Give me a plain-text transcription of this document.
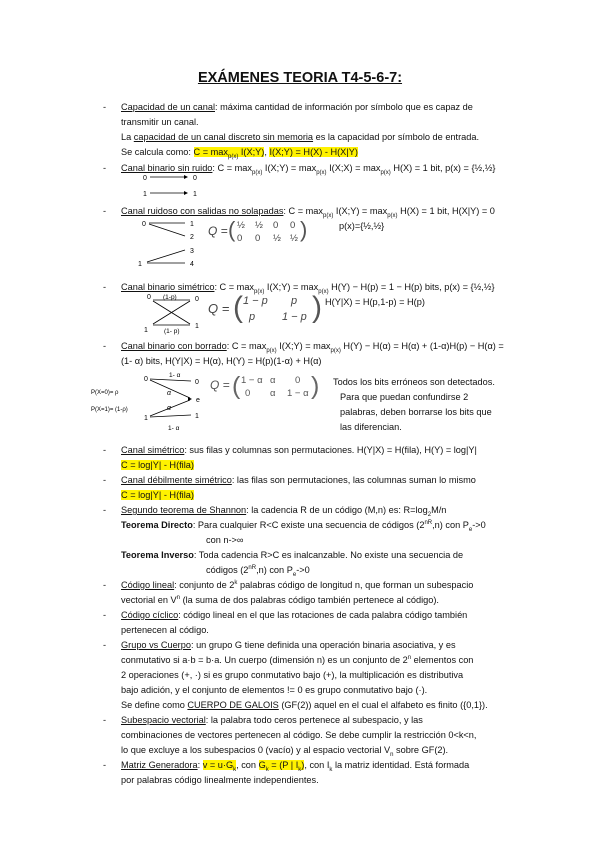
EXÁMENES TEORIA T4-5-6-7:
- Capacidad de un canal: máxima cantidad de información por símbolo que es capaz de
transmitir un canal.
La capacidad de un canal discreto sin memoria es la capacidad por símbolo de entrada.
Se calcula como: $C = \max_{p(x)}$ I(X;Y), I(X;Y) = H(X) - H(X|Y)
- Canal binario sin ruido: $C = \max_{p(x)}$ I(X;Y) = $\max_{p(x)}$ I(X;X) = $\max_{p(x)} H(X) = 1$ bit, p(x) = {½,½}
0	0
1	1
- Canal ruidoso con salidas no solapadas: $C = \max_{p(x)}$ I(X;Y) = $\max_{p(x)} H(X) = 1$ bit, H(X|Y) = 0
p(x)={½,½}
0
1
1
2
3
4
Q = ( ½ ½ 0 0
0 0 ½ ½ )
- Canal binario simétrico: $C = \max_{p(x)}$ I(X;Y) = $\max_{p(x)} H(Y) - H(p) = 1 - H(p)$ bits, p(x) = {½,½}
H(Y|X) = H(p,1-p) = H(p)
0 (1-p)	0
1 (1- p)
1
Q = ( 1 − p p
p 1 − p )
- Canal binario con borrado: $C = \max_{p(x)}$ I(X;Y) = $\max_{p(x)} H(Y) - H(\alpha) = H(\alpha) + (1-\alpha)H(p) - H(\alpha)$ =
(1- α) bits, H(Y|X) = H(α), H(Y) = H(p)(1-α) + H(α)
P(X=0)= ρ
P(X=1)= (1-ρ)
0
1- α
0
α
α
e
1	1
1- α
Q = ( 1 − α α 0
0 α 1 − α ) Todos los bits erróneos son detectados.
Para que puedan confundirse 2
palabras, deben borrarse los bits que
las diferencian.
- Canal simétrico: sus filas y columnas son permutaciones. H(Y|X) = H(fila), H(Y) = log|Y|
C = log|Y| - H(fila)
- Canal débilmente simétrico: las filas son permutaciones, las columnas suman lo mismo
C = log|Y| - H(fila)
- Segundo teorema de Shannon: la cadencia R de un código (M,n) es: $R=\log_2M/n$
Teorema Directo: Para cualquier R<C existe una secuencia de códigos $(2^{nR},n)$ con $P_e->0$
con n->∞
Teorema Inverso: Toda cadencia R>C es inalcanzable. No existe una secuencia de
códigos $(2^{nR},n)$ con $P_e->0$
- Código lineal: conjunto de 2$^k$ palabras código de longitud n, que forman un subespacio
vectorial en $V^n$ (la suma de dos palabras código también pertenece al código).
- Código cíclico: código lineal en el que las rotaciones de cada palabra código también
pertenecen al código.
- Grupo vs Cuerpo: un grupo G tiene definida una operación binaria asociativa, y es
conmutativo si a·b = b·a. Un cuerpo (dimensión n) es un conjunto de 2$^n$ elementos con
2 operaciones (+, ·) si es grupo conmutativo bajo (+), la multiplicación es distributiva
bajo adición, y el conjunto de elementos != 0 es grupo conmutativo bajo (·).
Se define como CUERPO DE GALOIS (GF(2)) aquel en el cual el alfabeto es finito ({0,1}).
- Subespacio vectorial: la palabra todo ceros pertenece al subespacio, y las
combinaciones de vectores pertenecen al código. Se debe cumplir la restricción 0<k<n,
lo que excluye a los subespacios 0 (vacío) y al espacio vectorial $V_n$ sobre GF(2).
- Matriz Generadora: $v = u\cdot G_k$, con $G_k = (P$ | $I_k$), con $I_k$ la matriz identidad. Está formada
por palabras código linealmente independientes.
